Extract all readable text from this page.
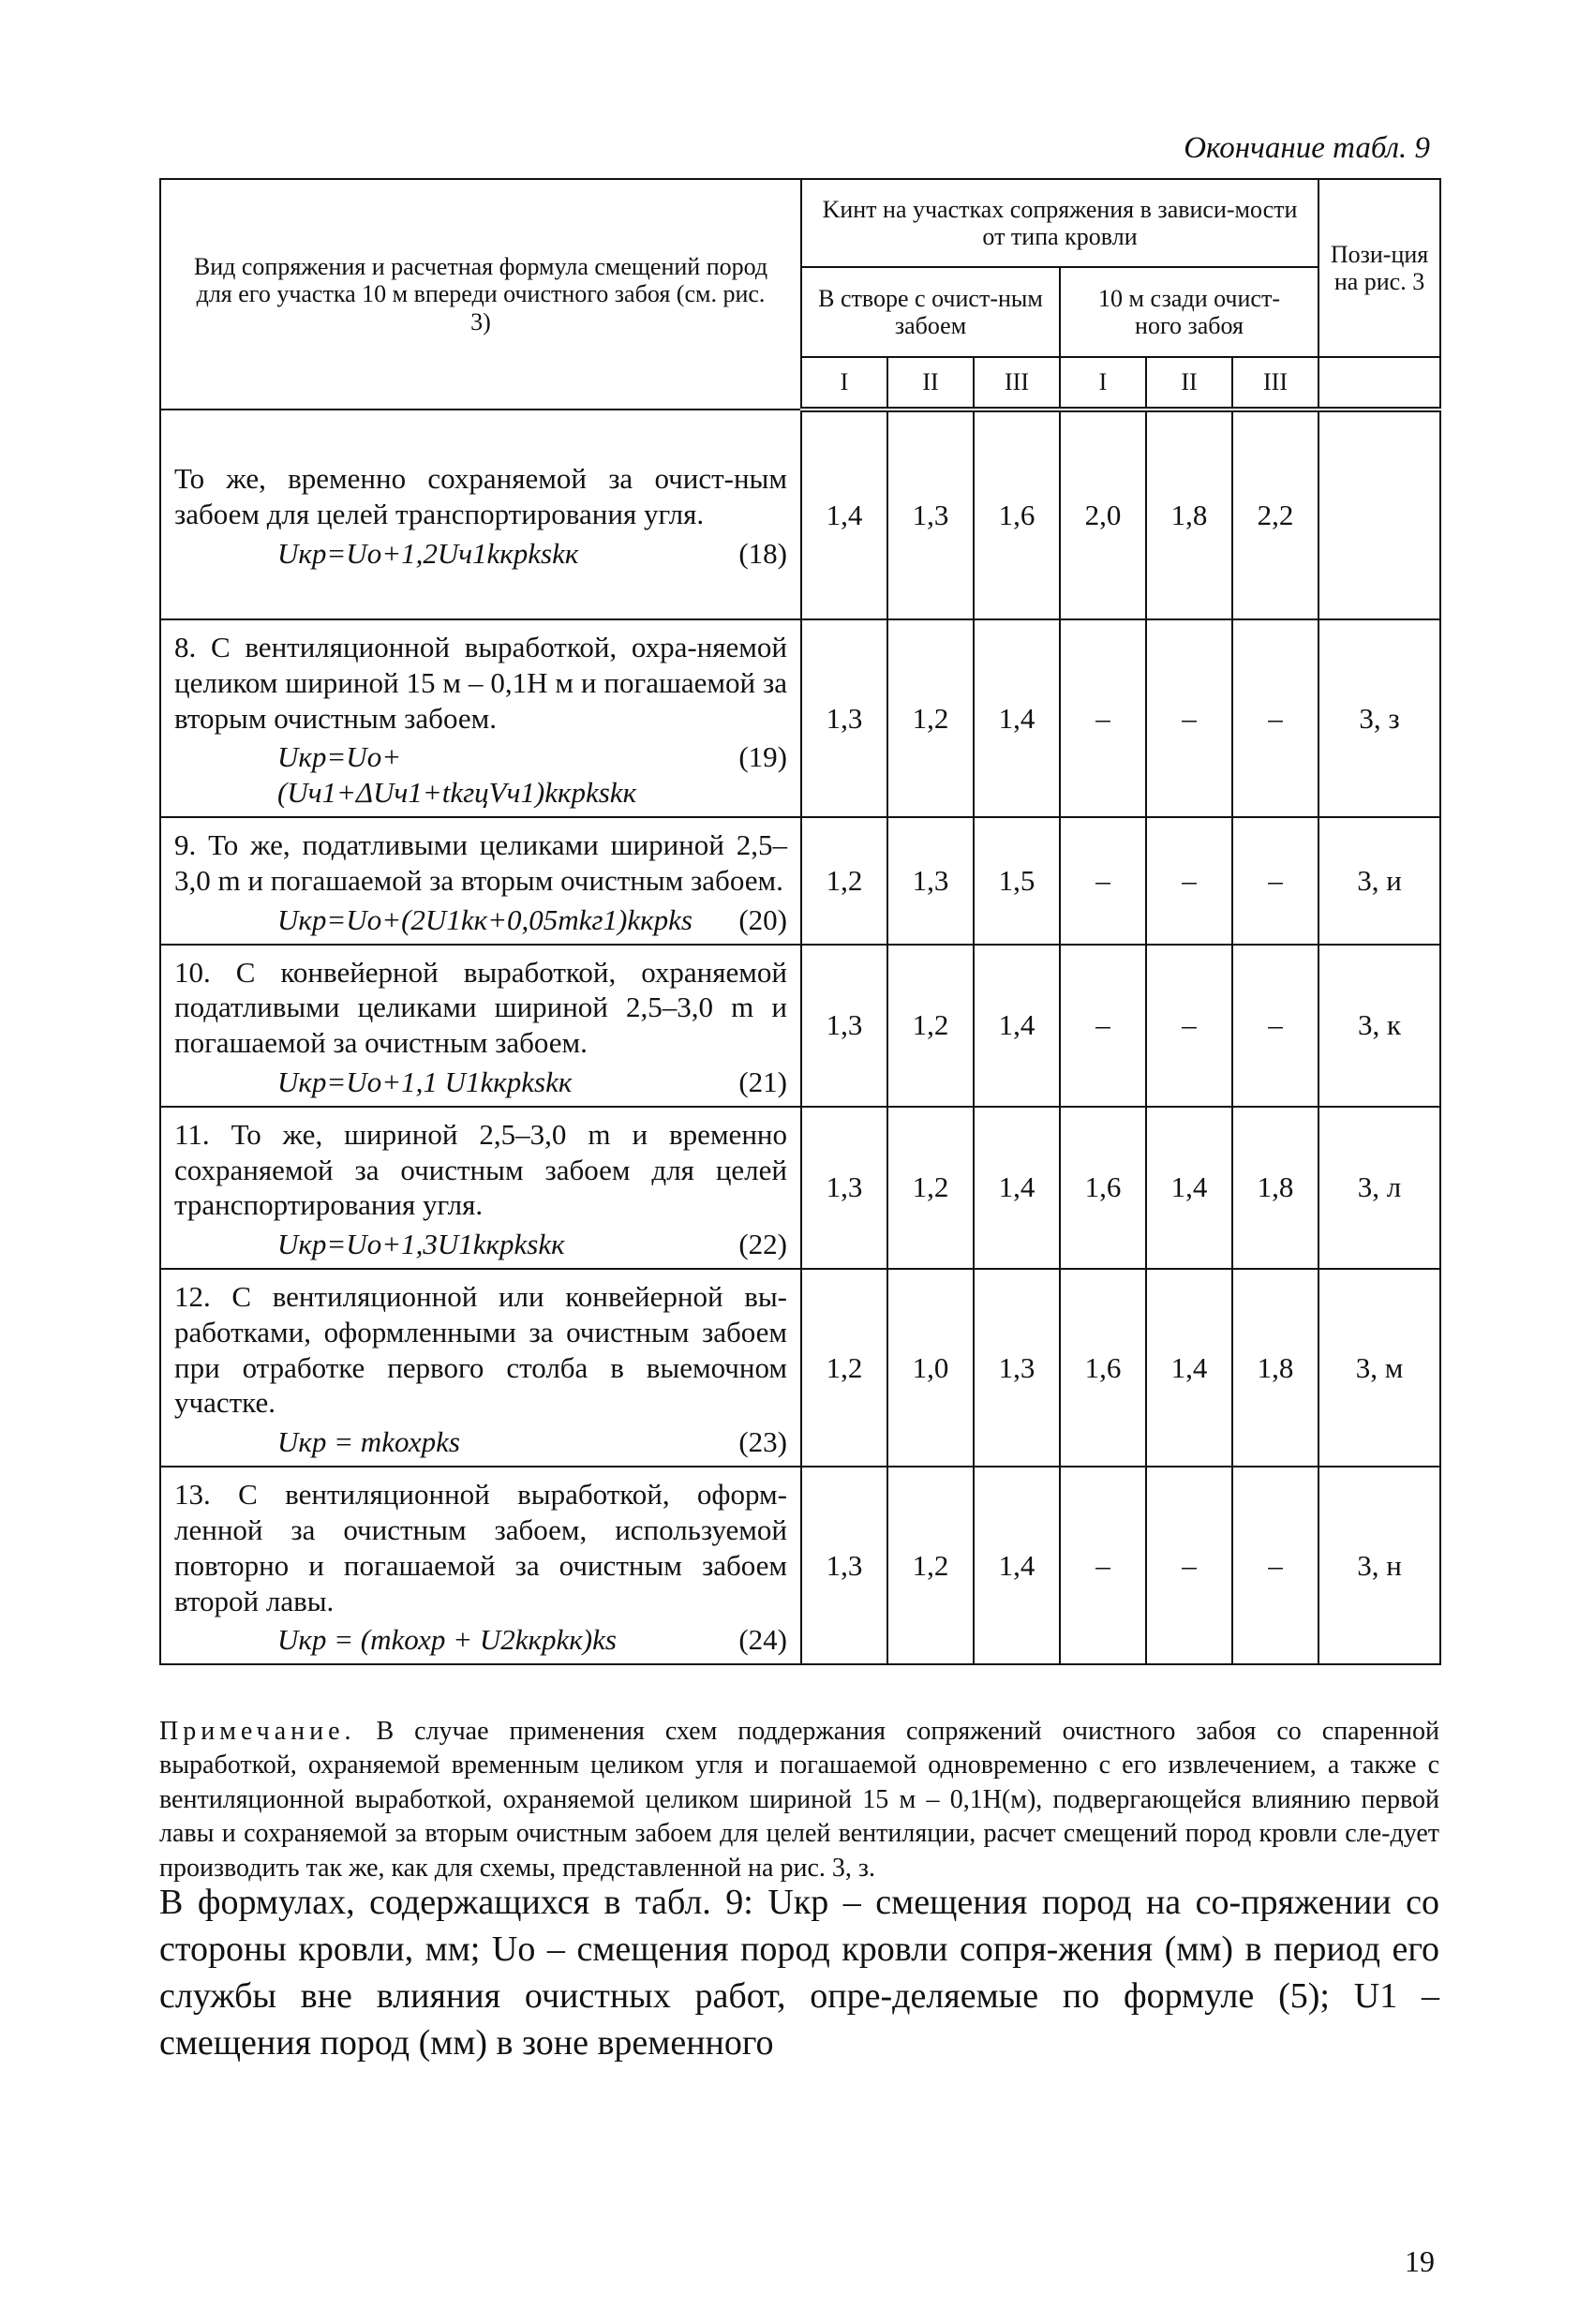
Окончание табл. 9
Вид сопряжения и расчетная формула смещений пород для его участка 10 м впереди очистного забоя (см. рис. 3)	Kинт на участках сопряжения в зависи-мости от типа кровли						Пози-ция на рис. 3
	В створе с очист-ным забоем			10 м сзади очист-ного забоя			
	I	II	III	I	II	III	

То же, временно сохраняемой за очист-ным забоем для целей транспортирования угля.
Uкр=Uо+1,2Uч1kкрkskк (18)	1,4	1,3	1,6	2,0	1,8	2,2	

8. С вентиляционной выработкой, охра-няемой целиком шириной 15 м – 0,1H м и погашаемой за вторым очистным забоем.
Uкр=Uо+(Uч1+ΔUч1+tkгцVч1)kкрkskк
(19)	1,3	1,2	1,4	–	–	–	3, з

9. То же, податливыми целиками шириной 2,5–3,0 m и погашаемой за вторым очистным забоем.
Uкр=Uо+(2U1kк+0,05mkг1)kкрks (20)	1,2	1,3	1,5	–	–	–	3, и

10. С конвейерной выработкой, охраняемой податливыми целиками шириной 2,5–3,0 m и погашаемой за очистным забоем.
Uкр=Uо+1,1 U1kкрkskк (21)	1,3	1,2	1,4	–	–	–	3, к

11. То же, шириной 2,5–3,0 m и временно сохраняемой за очистным забоем для целей транспортирования угля.
Uкр=Uо+1,3U1kкрkskк (22)	1,3	1,2	1,4	1,6	1,4	1,8	3, л

12. С вентиляционной или конвейерной вы-работками, оформленными за очистным забоем при отработке первого столба в выемочном участке.
Uкр = mkохрks (23)	1,2	1,0	1,3	1,6	1,4	1,8	3, м

13. С вентиляционной выработкой, оформ-ленной за очистным забоем, используемой повторно и погашаемой за очистным забоем второй лавы.
Uкр = (mkохр + U2kкрkк)ks (24)	1,3	1,2	1,4	–	–	–	3, н
Примечание. В случае применения схем поддержания сопряжений очистного забоя со спаренной выработкой, охраняемой временным целиком угля и погашаемой одновременно с его извлечением, а также с вентиляционной выработкой, охраняемой целиком шириной 15 м – 0,1H(м), подвергающейся влиянию первой лавы и сохраняемой за вторым очистным забоем для целей вентиляции, расчет смещений пород кровли сле-дует производить так же, как для схемы, представленной на рис. 3, з.
В формулах, содержащихся в табл. 9: Uкр – смещения пород на со-пряжении со стороны кровли, мм; Uо – смещения пород кровли сопря-жения (мм) в период его службы вне влияния очистных работ, опре-деляемые по формуле (5); U1 – смещения пород (мм) в зоне временного
19
